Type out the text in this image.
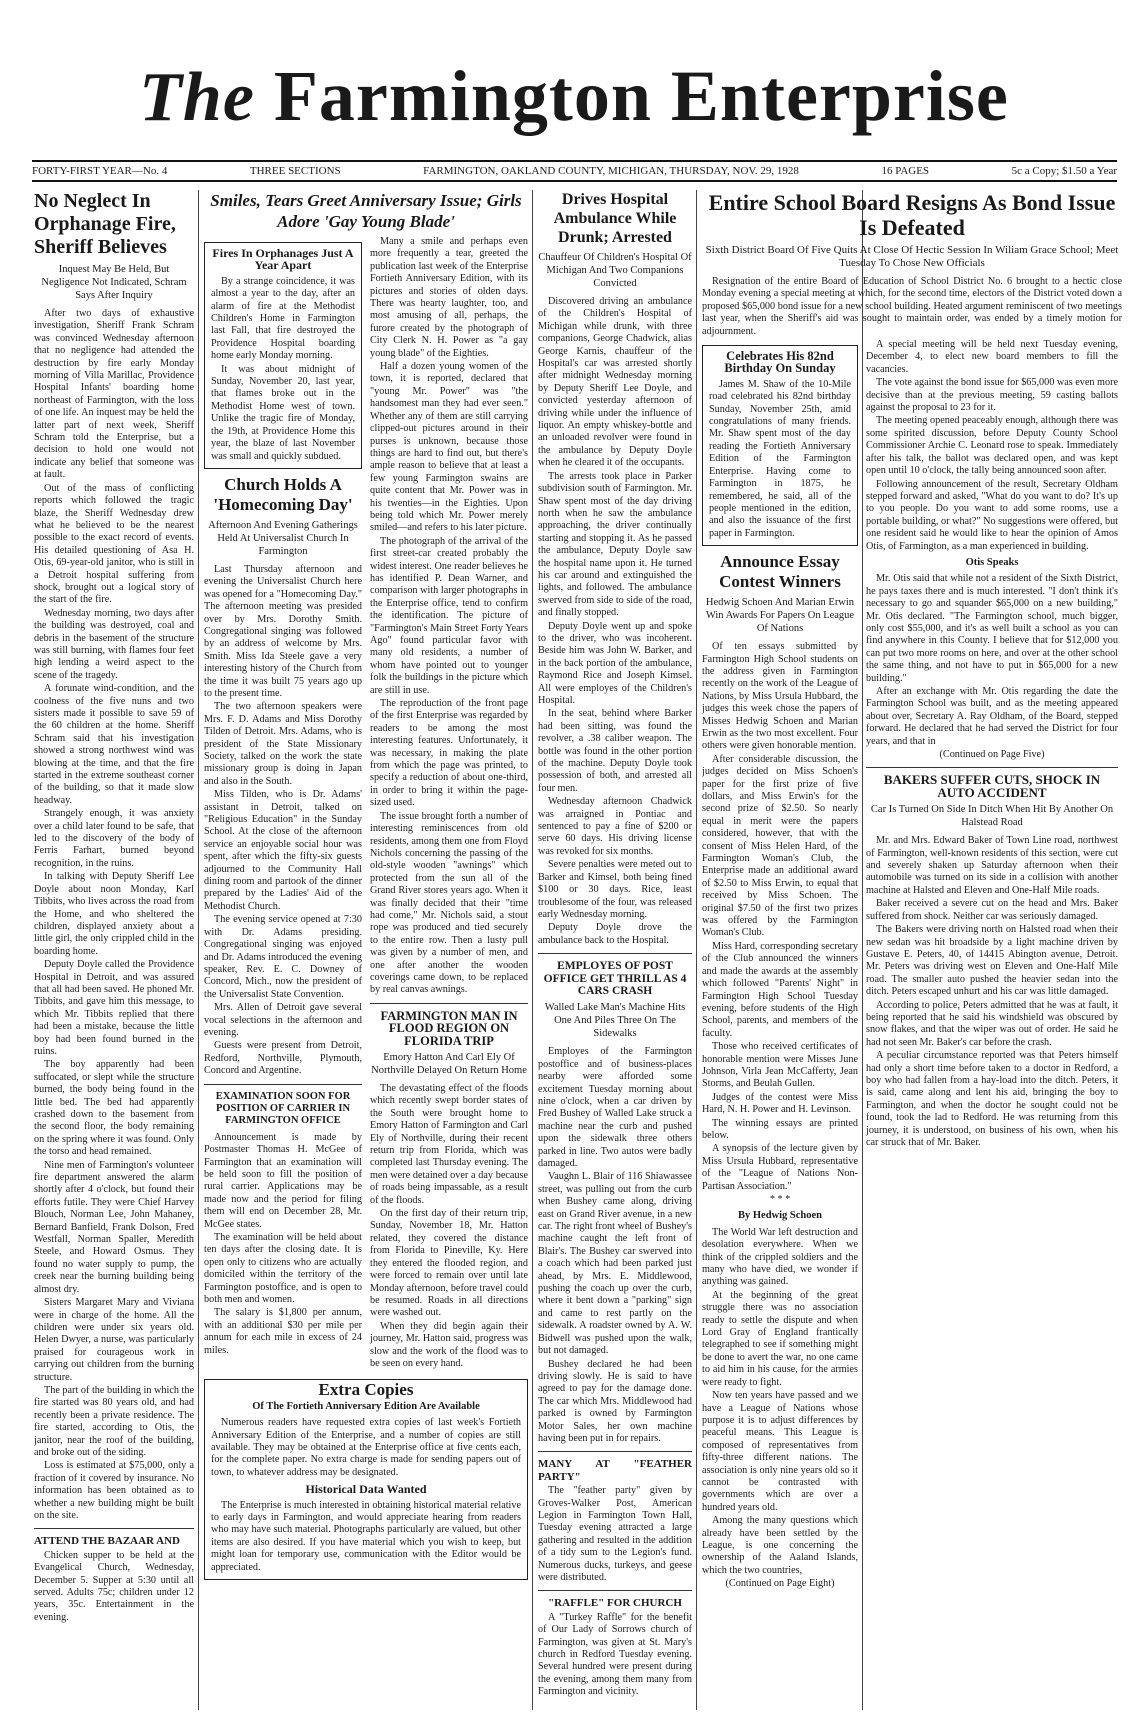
The Farmington Enterprise
FORTY-FIRST YEAR—No. 4	THREE SECTIONS	FARMINGTON, OAKLAND COUNTY, MICHIGAN, THURSDAY, NOV. 29, 1928	16 PAGES	5c a Copy; $1.50 a Year
No Neglect In Orphanage Fire, Sheriff Believes
Inquest May Be Held, But Negligence Not Indicated, Schram Says After Inquiry

After two days of exhaustive investigation, Sheriff Frank Schram was convinced Wednesday afternoon that no negligence had attended the destruction by fire early Monday morning of Villa Marillac, Providence Hospital Infants' boarding home northeast of Farmington, with the loss of one life. An inquest may be held the latter part of next week, Sheriff Schram told the Enterprise, but a decision to hold one would not indicate any belief that someone was at fault.

Out of the mass of conflicting reports which followed the tragic blaze, the Sheriff Wednesday drew what he believed to be the nearest possible to the exact record of events. His detailed questioning of Asa H. Otis, 69-year-old janitor, who is still in a Detroit hospital suffering from shock, brought out a logical story of the start of the fire.

Wednesday morning, two days after the building was destroyed, coal and debris in the basement of the structure was still burning, with flames four feet high lending a weird aspect to the scene of the tragedy.

A forunate wind-condition, and the coolness of the five nuns and two sisters made it possible to save 59 of the 60 children at the home. Sheriff Schram said that his investigation showed a strong northwest wind was blowing at the time, and that the fire started in the extreme southeast corner of the building, so that it made slow headway.

Strangely enough, it was anxiety over a child later found to be safe, that led to the discovery of the body of Ferris Farhart, burned beyond recognition, in the ruins.

In talking with Deputy Sheriff Lee Doyle about noon Monday, Karl Tibbits, who lives across the road from the Home, and who sheltered the children, displayed anxiety about a little girl, the only crippled child in the boarding home.

Deputy Doyle called the Providence Hospital in Detroit, and was assured that all had been saved. He phoned Mr. Tibbits, and gave him this message, to which Mr. Tibbits replied that there had been a mistake, because the little boy had been found burned in the ruins.

The boy apparently had been suffocated, or slept while the structure burned, the body being found in the little bed. The bed had apparently crashed down to the basement from the second floor, the body remaining on the spring where it was found. Only the torso and head remained.

Nine men of Farmington's volunteer fire department answered the alarm shortly after 4 o'clock, but found their efforts futile. They were Chief Harvey Blouch, Norman Lee, John Mahaney, Bernard Banfield, Frank Dolson, Fred Westfall, Norman Spaller, Meredith Steele, and Howard Osmus. They found no water supply to pump, the creek near the burning building being almost dry.

Sisters Margaret Mary and Viviana were in charge of the home. All the children were under six years old. Helen Dwyer, a nurse, was particularly praised for courageous work in carrying out children from the burning structure.

The part of the building in which the fire started was 80 years old, and had recently been a private residence. The fire started, according to Otis, the janitor, near the roof of the building, and broke out of the siding.

Loss is estimated at $75,000, only a fraction of it covered by insurance. No information has been obtained as to whether a new building might be built on the site.

ATTEND THE BAZAAR AND

Chicken supper to be held at the Evangelical Church, Wednesday, December 5. Supper at 5:30 until all served. Adults 75c; children under 12 years, 35c. Entertainment in the evening.

Smiles, Tears Greet Anniversary Issue; Girls Adore 'Gay Young Blade'
Fires In Orphanages Just A Year Apart

By a strange coincidence, it was almost a year to the day, after an alarm of fire at the Methodist Children's Home in Farmington last Fall, that fire destroyed the Providence Hospital boarding home early Monday morning.

It was about midnight of Sunday, November 20, last year, that flames broke out in the Methodist Home west of town. Unlike the tragic fire of Monday, the 19th, at Providence Home this year, the blaze of last November was small and quickly subdued.

Church Holds A 'Homecoming Day'
Afternoon And Evening Gatherings Held At Universalist Church In Farmington

Last Thursday afternoon and evening the Universalist Church here was opened for a "Homecoming Day." The afternoon meeting was presided over by Mrs. Dorothy Smith. Congregational singing was followed by an address of welcome by Mrs. Smith. Miss Ida Steele gave a very interesting history of the Church from the time it was built 75 years ago up to the present time.

The two afternoon speakers were Mrs. F. D. Adams and Miss Dorothy Tilden of Detroit. Mrs. Adams, who is president of the State Missionary Society, talked on the work the state missionary group is doing in Japan and also in the South.

Miss Tilden, who is Dr. Adams' assistant in Detroit, talked on "Religious Education" in the Sunday School. At the close of the afternoon service an enjoyable social hour was spent, after which the fifty-six guests adjourned to the Community Hall dining room and partook of the dinner prepared by the Ladies' Aid of the Methodist Church.

The evening service opened at 7:30 with Dr. Adams presiding. Congregational singing was enjoyed and Dr. Adams introduced the evening speaker, Rev. E. C. Downey of Concord, Mich., now the president of the Universalist State Convention.

Mrs. Allen of Detroit gave several vocal selections in the afternoon and evening.

Guests were present from Detroit, Redford, Northville, Plymouth, Concord and Argentine.

EXAMINATION SOON FOR POSITION OF CARRIER IN FARMINGTON OFFICE

Announcement is made by Postmaster Thomas H. McGee of Farmington that an examination will be held soon to fill the position of rural carrier. Applications may be made now and the period for filing them will end on December 28, Mr. McGee states.

The examination will be held about ten days after the closing date. It is open only to citizens who are actually domiciled within the territory of the Farmington postoffice, and is open to both men and women.

The salary is $1,800 per annum, with an additional $30 per mile per annum for each mile in excess of 24 miles.

Many a smile and perhaps even more frequently a tear, greeted the publication last week of the Enterprise Fortieth Anniversary Edition, with its pictures and stories of olden days. There was hearty laughter, too, and most amusing of all, perhaps, the furore created by the photograph of City Clerk N. H. Power as "a gay young blade" of the Eighties.

Half a dozen young women of the town, it is reported, declared that "young Mr. Power" was "the handsomest man they had ever seen." Whether any of them are still carrying clipped-out pictures around in their purses is unknown, because those things are hard to find out, but there's ample reason to believe that at least a few young Farmington swains are quite content that Mr. Power was in his twenties—in the Eighties. Upon being told which Mr. Power merely smiled—and refers to his later picture.

The photograph of the arrival of the first street-car created probably the widest interest. One reader believes he has identified P. Dean Warner, and comparison with larger photographs in the Enterprise office, tend to confirm the identification. The picture of "Farmington's Main Street Forty Years Ago" found particular favor with many old residents, a number of whom have pointed out to younger folk the buildings in the picture which are still in use.

The reproduction of the front page of the first Enterprise was regarded by readers to be among the most interesting features. Unfortunately, it was necessary, in making the plate from which the page was printed, to specify a reduction of about one-third, in order to bring it within the page-sized used.

The issue brought forth a number of interesting reminiscences from old residents, among them one from Floyd Nichols concerning the passing of the old-style wooden "awnings" which protected from the sun all of the Grand River stores years ago. When it was finally decided that their "time had come," Mr. Nichols said, a stout rope was produced and tied securely to the entire row. Then a lusty pull was given by a number of men, and one after another the wooden coverings came down, to be replaced by real canvas awnings.

FARMINGTON MAN IN FLOOD REGION ON FLORIDA TRIP
Emory Hatton And Carl Ely Of Northville Delayed On Return Home

The devastating effect of the floods which recently swept border states of the South were brought home to Emory Hatton of Farmington and Carl Ely of Northville, during their recent return trip from Florida, which was completed last Thursday evening. The men were detained over a day because of roads being impassable, as a result of the floods.

On the first day of their return trip, Sunday, November 18, Mr. Hatton related, they covered the distance from Florida to Pineville, Ky. Here they entered the flooded region, and were forced to remain over until late Monday afternoon, before travel could be resumed. Roads in all directions were washed out.

When they did begin again their journey, Mr. Hatton said, progress was slow and the work of the flood was to be seen on every hand.

Extra Copies
Of The Fortieth Anniversary Edition Are Available

Numerous readers have requested extra copies of last week's Fortieth Anniversary Edition of the Enterprise, and a number of copies are still available. They may be obtained at the Enterprise office at five cents each, for the complete paper. No extra charge is made for sending papers out of town, to whatever address may be designated.

Historical Data Wanted

The Enterprise is much interested in obtaining historical material relative to early days in Farmington, and would appreciate hearing from readers who may have such material. Photographs particularly are valued, but other items are also desired. If you have material which you wish to keep, but might loan for temporary use, communication with the Editor would be appreciated.

Drives Hospital Ambulance While Drunk; Arrested
Chauffeur Of Children's Hospital Of Michigan And Two Companions Convicted

Discovered driving an ambulance of the Children's Hospital of Michigan while drunk, with three companions, George Chadwick, alias George Karnis, chauffeur of the Hospital's car was arrested shortly after midnight Wednesday morning by Deputy Sheriff Lee Doyle, and convicted yesterday afternoon of driving while under the influence of liquor. An empty whiskey-bottle and an unloaded revolver were found in the ambulance by Deputy Doyle when he cleared it of the occupants.

The arrests took place in Parker subdivision south of Farmington. Mr. Shaw spent most of the day driving north when he saw the ambulance approaching, the driver continually starting and stopping it. As he passed the ambulance, Deputy Doyle saw the hospital name upon it. He turned his car around and extinguished the lights, and followed. The ambulance swerved from side to side of the road, and finally stopped.

Deputy Doyle went up and spoke to the driver, who was incoherent. Beside him was John W. Barker, and in the back portion of the ambulance, Raymond Rice and Joseph Kimsel. All were employes of the Children's Hospital.

In the seat, behind where Barker had been sitting, was found the revolver, a .38 caliber weapon. The bottle was found in the other portion of the machine. Deputy Doyle took possession of both, and arrested all four men.

Wednesday afternoon Chadwick was arraigned in Pontiac and sentenced to pay a fine of $200 or serve 60 days. His driving license was revoked for six months.

Severe penalties were meted out to Barker and Kimsel, both being fined $100 or 30 days. Rice, least troublesome of the four, was released early Wednesday morning.

Deputy Doyle drove the ambulance back to the Hospital.

EMPLOYES OF POST OFFICE GET THRILL AS 4 CARS CRASH
Walled Lake Man's Machine Hits One And Piles Three On The Sidewalks

Employes of the Farmington postoffice and of business-places nearby were afforded some excitement Tuesday morning about nine o'clock, when a car driven by Fred Bushey of Walled Lake struck a machine near the curb and pushed upon the sidewalk three others parked in line. Two autos were badly damaged.

Vaughn L. Blair of 116 Shiawassee street, was pulling out from the curb when Bushey came along, driving east on Grand River avenue, in a new car. The right front wheel of Bushey's machine caught the left front of Blair's. The Bushey car swerved into a coach which had been parked just ahead, by Mrs. E. Middlewood, pushing the coach up over the curb, where it bent down a "parking" sign and came to rest partly on the sidewalk. A roadster owned by A. W. Bidwell was pushed upon the walk, but not damaged.

Bushey declared he had been driving slowly. He is said to have agreed to pay for the damage done. The car which Mrs. Middlewood had parked is owned by Farmington Motor Sales, her own machine having been put in for repairs.

MANY AT "FEATHER PARTY"

The "feather party" given by Groves-Walker Post, American Legion in Farmington Town Hall, Tuesday evening attracted a large gathering and resulted in the addition of a tidy sum to the Legion's fund. Numerous ducks, turkeys, and geese were distributed.

"RAFFLE" FOR CHURCH

A "Turkey Raffle" for the benefit of Our Lady of Sorrows church of Farmington, was given at St. Mary's church in Redford Tuesday evening. Several hundred were present during the evening, among them many from Farmington and vicinity.

Entire School Board Resigns As Bond Issue Is Defeated
Sixth District Board Of Five Quits At Close Of Hectic Session In Wiliam Grace School; Meet Tuesday To Chose New Officials

Resignation of the entire Board of Education of School District No. 6 brought to a hectic close Monday evening a special meeting at which, for the second time, electors of the District voted down a proposed $65,000 bond issue for a new school building. Heated argument reminiscent of two meetings last year, when the Sheriff's aid was sought to maintain order, was ended by a timely motion for adjournment.

Celebrates His 82nd Birthday On Sunday

James M. Shaw of the 10-Mile road celebrated his 82nd birthday Sunday, November 25th, amid congratulations of many friends. Mr. Shaw spent most of the day reading the Fortieth Anniversary Edition of the Farmington Enterprise. Having come to Farmington in 1875, he remembered, he said, all of the people mentioned in the edition, and also the issuance of the first paper in Farmington.

Announce Essay Contest Winners
Hedwig Schoen And Marian Erwin Win Awards For Papers On League Of Nations

Of ten essays submitted by Farmington High School students on the address given in Farmington recently on the work of the League of Nations, by Miss Ursula Hubbard, the judges this week chose the papers of Misses Hedwig Schoen and Marian Erwin as the two most excellent. Four others were given honorable mention.

After considerable discussion, the judges decided on Miss Schoen's paper for the first prize of five dollars, and Miss Erwin's for the second prize of $2.50. So nearly equal in merit were the papers considered, however, that with the consent of Miss Helen Hard, of the Farmington Woman's Club, the Enterprise made an additional award of $2.50 to Miss Erwin, to equal that received by Miss Schoen. The original $7.50 of the first two prizes was offered by the Farmington Woman's Club.

Miss Hard, corresponding secretary of the Club announced the winners and made the awards at the assembly which followed "Parents' Night" in Farmington High School Tuesday evening, before students of the High School, parents, and members of the faculty.

Those who received certificates of honorable mention were Misses June Johnson, Virla Jean McCafferty, Jean Storms, and Beulah Gullen.

Judges of the contest were Miss Hard, N. H. Power and H. Levinson.

The winning essays are printed below.

A synopsis of the lecture given by Miss Ursula Hubbard, representative of the "League of Nations Non-Partisan Association."

* * *
By Hedwig Schoen

The World War left destruction and desolation everywhere. When we think of the crippled soldiers and the many who have died, we wonder if anything was gained.

At the beginning of the great struggle there was no association ready to settle the dispute and when Lord Gray of England frantically telegraphed to see if something might be done to avert the war, no one came to aid him in his cause, for the armies were ready to fight.

Now ten years have passed and we have a League of Nations whose purpose it is to adjust differences by peaceful means. This League is composed of representatives from fifty-three different nations. The association is only nine years old so it cannot be contrasted with governments which are over a hundred years old.

Among the many questions which already have been settled by the League, is one concerning the ownership of the Aaland Islands, which the two countries,

(Continued on Page Eight)

A special meeting will be held next Tuesday evening, December 4, to elect new board members to fill the vacancies.

The vote against the bond issue for $65,000 was even more decisive than at the previous meeting, 59 casting ballots against the proposal to 23 for it.

The meeting opened peaceably enough, although there was some spirited discussion, before Deputy County School Commissioner Archie C. Leonard rose to speak. Immediately after his talk, the ballot was declared open, and was kept open until 10 o'clock, the tally being announced soon after.

Following announcement of the result, Secretary Oldham stepped forward and asked, "What do you want to do? It's up to you people. Do you want to add some rooms, use a portable building, or what?" No suggestions were offered, but one resident said he would like to hear the opinion of Amos Otis, of Farmington, as a man experienced in building.

Otis Speaks

Mr. Otis said that while not a resident of the Sixth District, he pays taxes there and is much interested. "I don't think it's necessary to go and squander $65,000 on a new building," Mr. Otis declared. "The Farmington school, much bigger, only cost $55,000, and it's as well built a school as you can find anywhere in this County. I believe that for $12,000 you can put two more rooms on here, and over at the other school the same thing, and not have to put in $65,000 for a new building."

After an exchange with Mr. Otis regarding the date the Farmington School was built, and as the meeting appeared about over, Secretary A. Ray Oldham, of the Board, stepped forward. He declared that he had served the District for four years, and that in

(Continued on Page Five)
BAKERS SUFFER CUTS, SHOCK IN AUTO ACCIDENT
Car Is Turned On Side In Ditch When Hit By Another On Halstead Road

Mr. and Mrs. Edward Baker of Town Line road, northwest of Farmington, well-known residents of this section, were cut and severely shaken up Saturday afternoon when their automobile was turned on its side in a collision with another machine at Halsted and Eleven and One-Half Mile roads.

Baker received a severe cut on the head and Mrs. Baker suffered from shock. Neither car was seriously damaged.

The Bakers were driving north on Halsted road when their new sedan was hit broadside by a light machine driven by Gustave E. Peters, 40, of 14415 Abington avenue, Detroit. Mr. Peters was driving west on Eleven and One-Half Mile road. The smaller auto pushed the heavier sedan into the ditch. Peters escaped unhurt and his car was little damaged.

According to police, Peters admitted that he was at fault, it being reported that he said his windshield was obscured by snow flakes, and that the wiper was out of order. He said he had not seen Mr. Baker's car before the crash.

A peculiar circumstance reported was that Peters himself had only a short time before taken to a doctor in Redford, a boy who had fallen from a hay-load into the ditch. Peters, it is said, came along and lent his aid, bringing the boy to Farmington, and when the doctor he sought could not be found, took the lad to Redford. He was returning from this journey, it is understood, on business of his own, when his car struck that of Mr. Baker.
